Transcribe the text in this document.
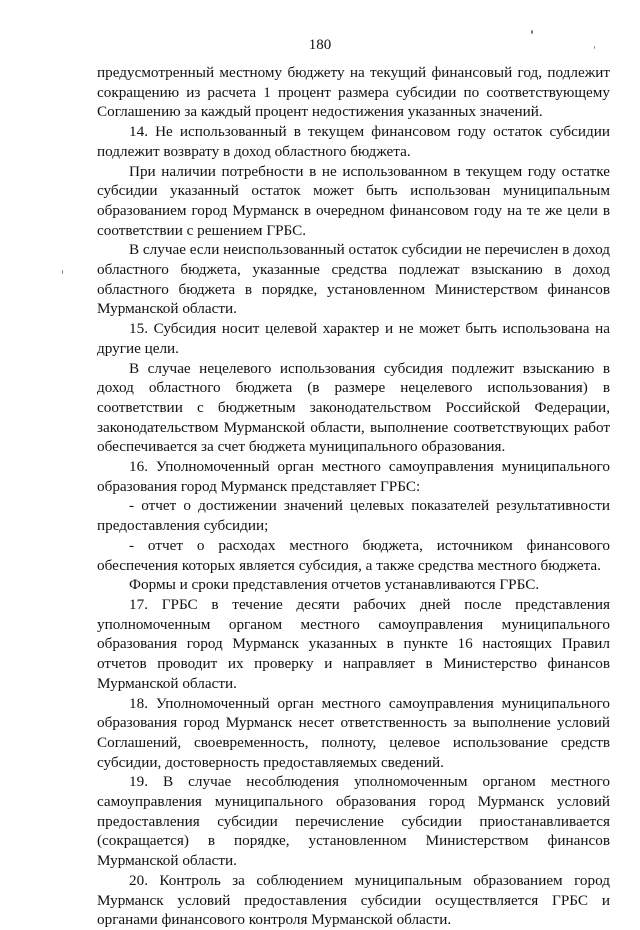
180

предусмотренный местному бюджету на текущий финансовый год, подлежит сокращению из расчета 1 процент размера субсидии по соответствующему Соглашению за каждый процент недостижения указанных значений.

14. Не использованный в текущем финансовом году остаток субсидии подлежит возврату в доход областного бюджета.

При наличии потребности в не использованном в текущем году остатке субсидии указанный остаток может быть использован муниципальным образованием город Мурманск в очередном финансовом году на те же цели в соответствии с решением ГРБС.

В случае если неиспользованный остаток субсидии не перечислен в доход областного бюджета, указанные средства подлежат взысканию в доход областного бюджета в порядке, установленном Министерством финансов Мурманской области.

15. Субсидия носит целевой характер и не может быть использована на другие цели.

В случае нецелевого использования субсидия подлежит взысканию в доход областного бюджета (в размере нецелевого использования) в соответствии с бюджетным законодательством Российской Федерации, законодательством Мурманской области, выполнение соответствующих работ обеспечивается за счет бюджета муниципального образования.

16. Уполномоченный орган местного самоуправления муниципального образования город Мурманск представляет ГРБС:

- отчет о достижении значений целевых показателей результативности предоставления субсидии;

- отчет о расходах местного бюджета, источником финансового обеспечения которых является субсидия, а также средства местного бюджета.

Формы и сроки представления отчетов устанавливаются ГРБС.

17. ГРБС в течение десяти рабочих дней после представления уполномоченным органом местного самоуправления муниципального образования город Мурманск указанных в пункте 16 настоящих Правил отчетов проводит их проверку и направляет в Министерство финансов Мурманской области.

18. Уполномоченный орган местного самоуправления муниципального образования город Мурманск несет ответственность за выполнение условий Соглашений, своевременность, полноту, целевое использование средств субсидии, достоверность предоставляемых сведений.

19. В случае несоблюдения уполномоченным органом местного самоуправления муниципального образования город Мурманск условий предоставления субсидии перечисление субсидии приостанавливается (сокращается) в порядке, установленном Министерством финансов Мурманской области.

20. Контроль за соблюдением муниципальным образованием город Мурманск условий предоставления субсидии осуществляется ГРБС и органами финансового контроля Мурманской области.
